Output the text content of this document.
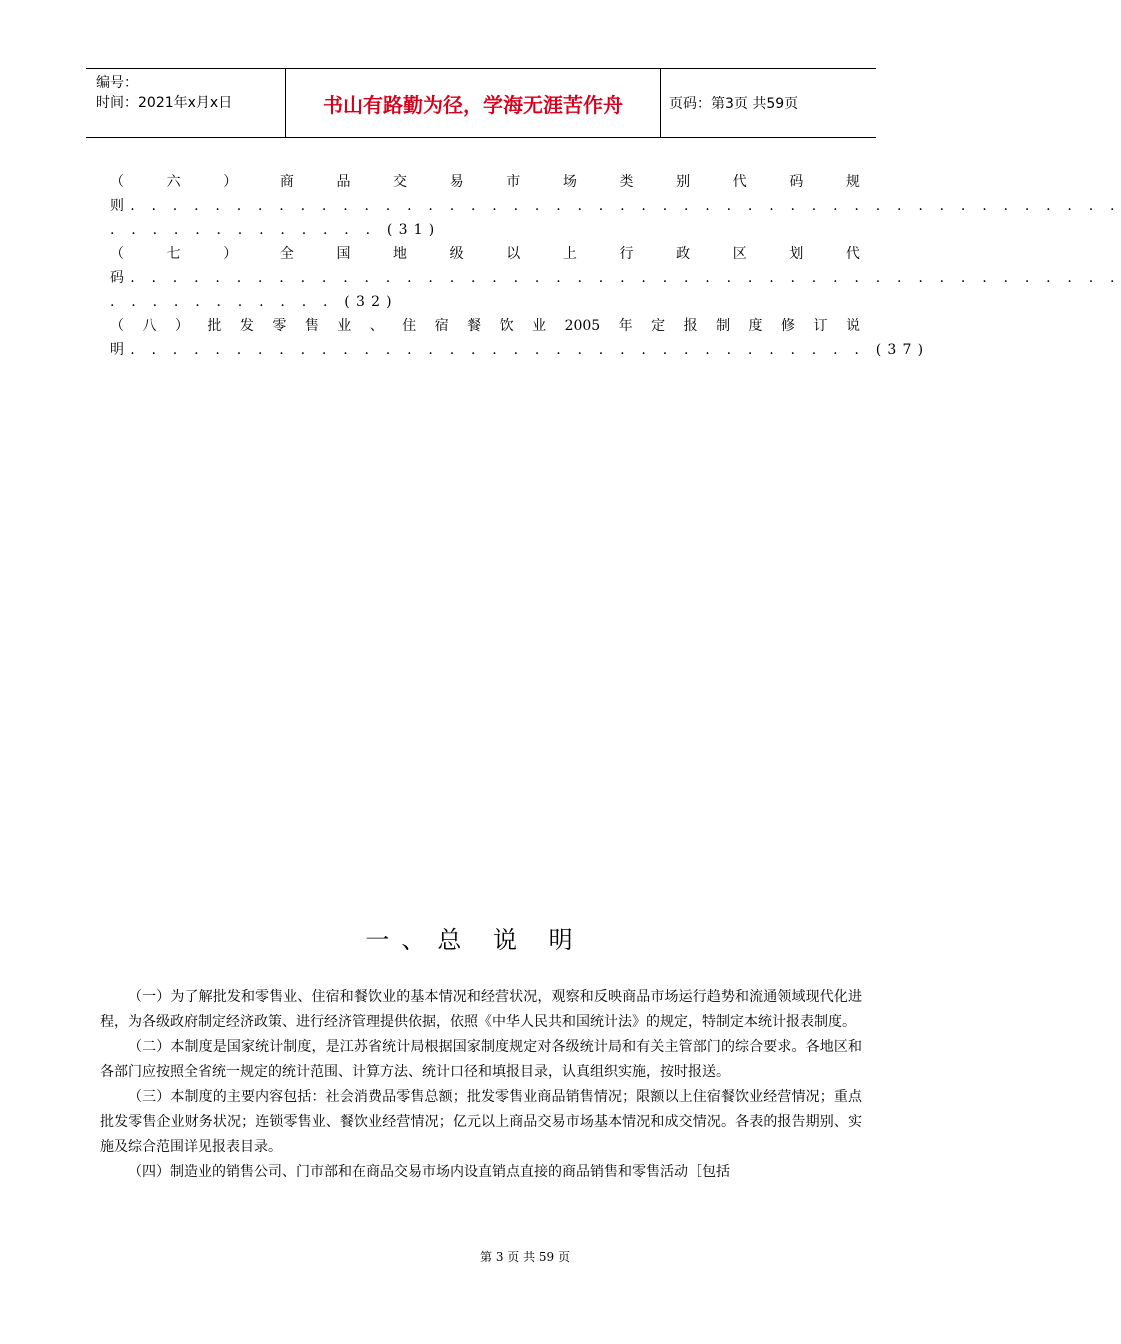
编号：
时间：2021年x月x日	书山有路勤为径，学海无涯苦作舟	页码：第3页 共59页
（	六	）	商	品	交	易	市	场	类	别	代	码	规
则. . . . . . . . . . . . . . . . . . . . . . . . . . . . . . . . . . . . . . . . . . . . . . .
. . . . . . . . . . . . . (31)
（	七	）	全	国	地	级	以	上	行	政	区	划	代
码. . . . . . . . . . . . . . . . . . . . . . . . . . . . . . . . . . . . . . . . . . . . . . .
. . . . . . . . . . . (32)
（ 八 ） 批 发 零 售 业 、 住 宿 餐 饮 业 2005 年 定 报 制 度 修 订 说
明. . . . . . . . . . . . . . . . . . . . . . . . . . . . . . . . . . . (37)
一、总 说 明

（一）为了解批发和零售业、住宿和餐饮业的基本情况和经营状况，观察和反映商品市场运行趋势和流通领域现代化进程，为各级政府制定经济政策、进行经济管理提供依据，依照《中华人民共和国统计法》的规定，特制定本统计报表制度。

（二）本制度是国家统计制度，是江苏省统计局根据国家制度规定对各级统计局和有关主管部门的综合要求。各地区和各部门应按照全省统一规定的统计范围、计算方法、统计口径和填报目录，认真组织实施，按时报送。

（三）本制度的主要内容包括：社会消费品零售总额；批发零售业商品销售情况；限额以上住宿餐饮业经营情况；重点批发零售企业财务状况；连锁零售业、餐饮业经营情况；亿元以上商品交易市场基本情况和成交情况。各表的报告期别、实施及综合范围详见报表目录。

（四）制造业的销售公司、门市部和在商品交易市场内设直销点直接的商品销售和零售活动［包括

第 3 页 共 59 页
